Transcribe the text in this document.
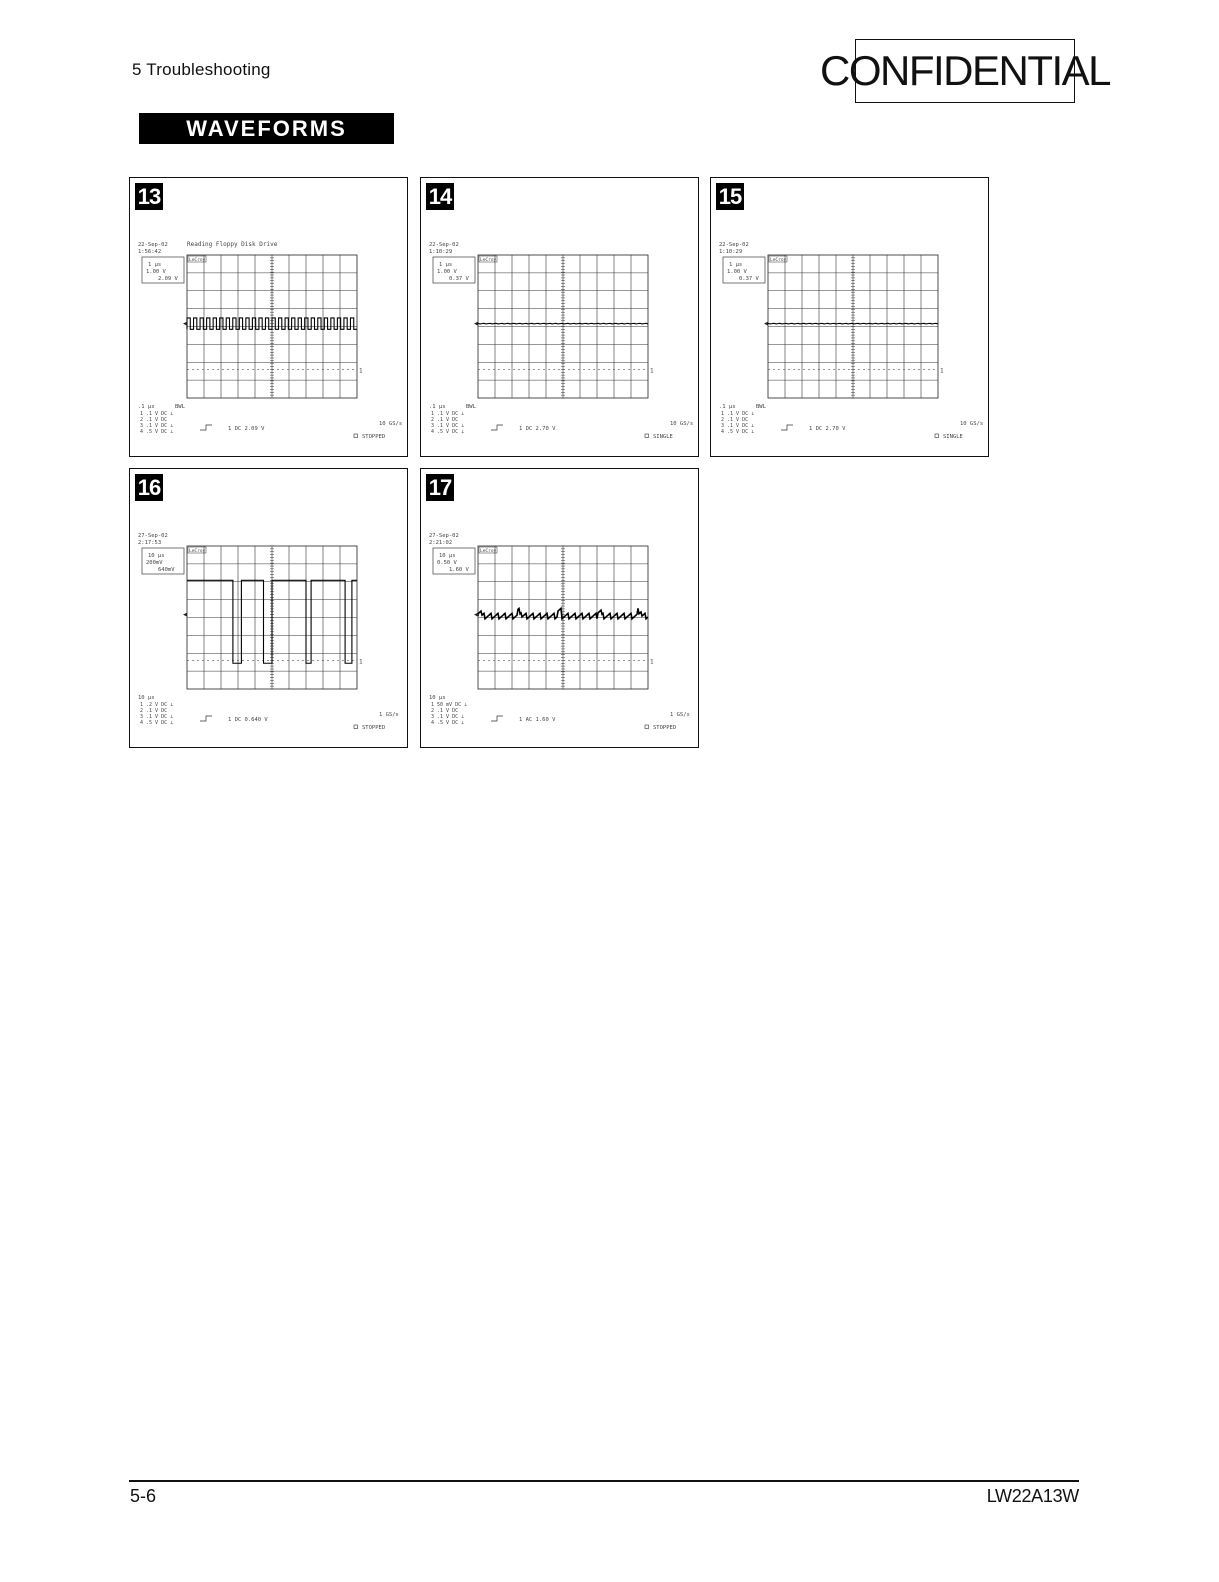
5 Troubleshooting	CONFIDENTIAL
WAVEFORMS
22-Sep-02
1:56:42
Reading Floppy Disk Drive
1 µs
1.00 V
2.09 V
LeCroy
1
.1 µs	BWL
1 .1 V DC ⊥
2 .1 V DC
3 .1 V DC ⊥
4 .5 V DC ⊥	1 DC 2.09 V
10 GS/s
STOPPED
13
22-Sep-02
1:10:29
1 µs
1.00 V
0.37 V
LeCroy
1
.1 µs	BWL
1 .1 V DC ⊥
2 .1 V DC
3 .1 V DC ⊥
4 .5 V DC ⊥	1 DC 2.70 V
10 GS/s
SINGLE
14
22-Sep-02
1:10:29
1 µs
1.00 V
0.37 V
LeCroy
1
.1 µs	BWL
1 .1 V DC ⊥
2 .1 V DC
3 .1 V DC ⊥
4 .5 V DC ⊥	1 DC 2.70 V
10 GS/s
SINGLE
15
27-Sep-02
2:17:53
10 µs
200mV
640mV
LeCroy
1
10 µs
1 .2 V DC ⊥
2 .1 V DC
3 .1 V DC ⊥
4 .5 V DC ⊥	1 DC 0.640 V
1 GS/s
STOPPED
16
27-Sep-02
2:21:02
10 µs
0.50 V
1.60 V
LeCroy
1
10 µs
1 50 mV DC ⊥
2 .1 V DC
3 .1 V DC ⊥
4 .5 V DC ⊥	1 AC 1.60 V
1 GS/s
STOPPED
17
5-6	LW22A13W
